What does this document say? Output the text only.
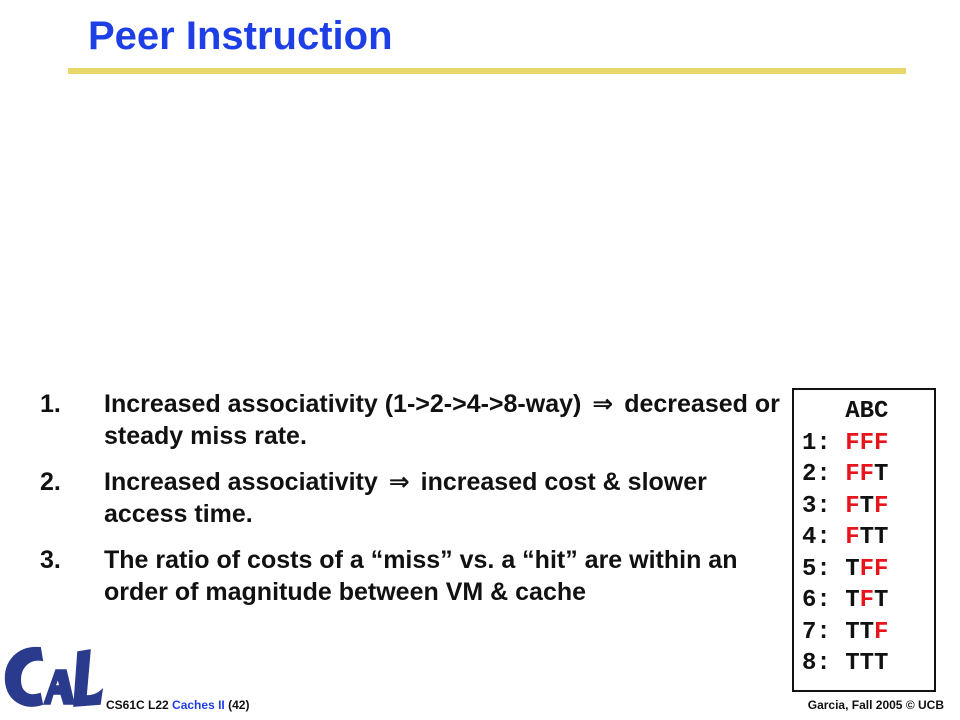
Peer Instruction
1.	Increased associativity (1->2->4->8-way) ⇒ decreased or steady miss rate.
2.	Increased associativity ⇒ increased cost & slower access time.
3.	The ratio of costs of a “miss” vs. a “hit” are within an order of magnitude between VM & cache
ABC
1: FFF
2: FFT
3: FTF
4: FTT
5: TFF
6: TFT
7: TTF
8: TTT
CS61C L22 Caches II (42)	Garcia, Fall 2005 © UCB
